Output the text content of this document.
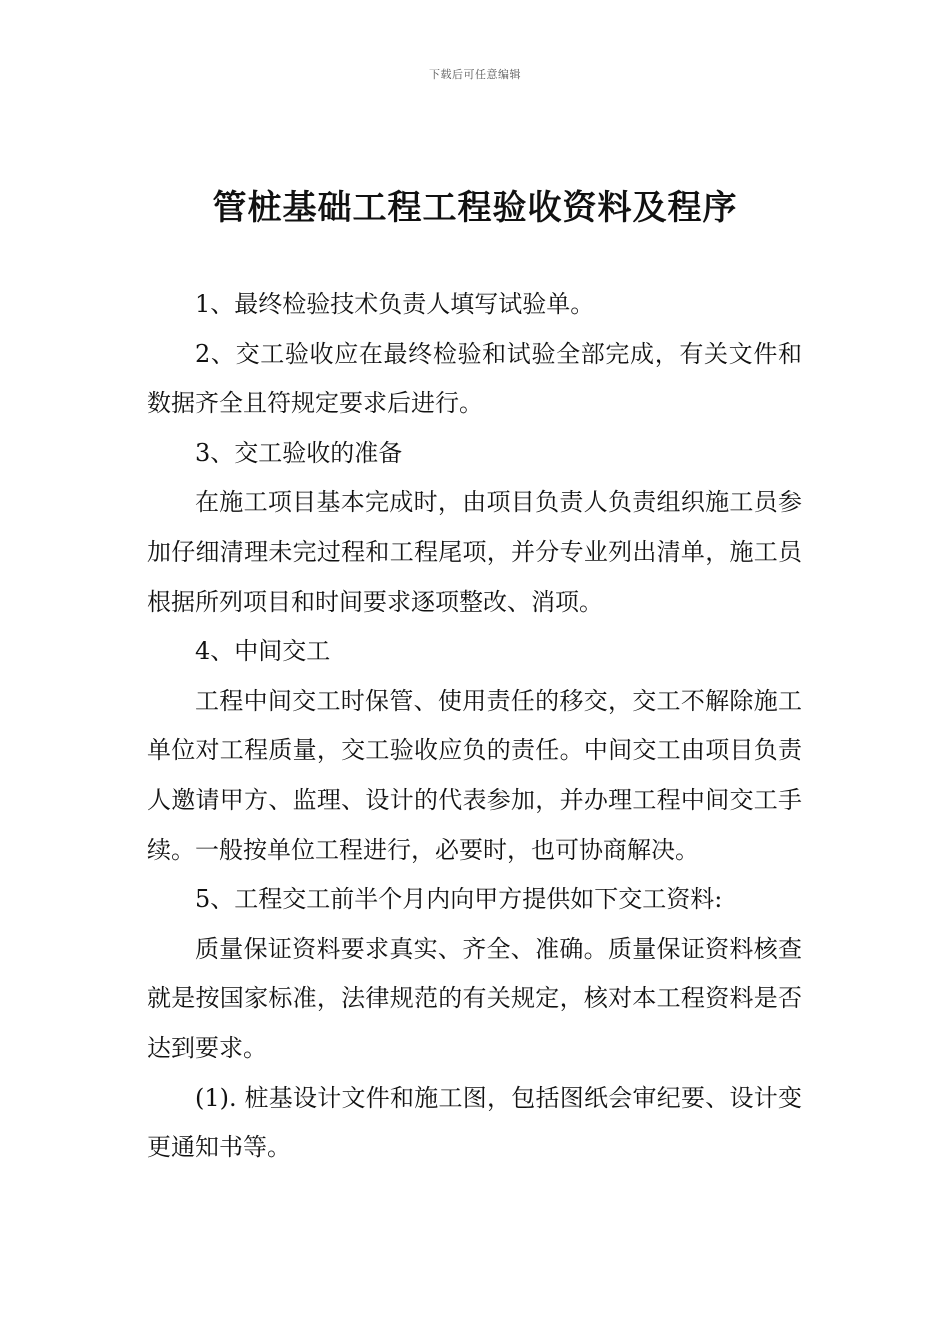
下载后可任意编辑
管桩基础工程工程验收资料及程序

1、最终检验技术负责人填写试验单。

2、交工验收应在最终检验和试验全部完成，有关文件和数据齐全且符规定要求后进行。

3、交工验收的准备

在施工项目基本完成时，由项目负责人负责组织施工员参加仔细清理未完过程和工程尾项，并分专业列出清单，施工员根据所列项目和时间要求逐项整改、消项。

4、中间交工

工程中间交工时保管、使用责任的移交，交工不解除施工单位对工程质量，交工验收应负的责任。中间交工由项目负责人邀请甲方、监理、设计的代表参加，并办理工程中间交工手续。一般按单位工程进行，必要时，也可协商解决。

5、工程交工前半个月内向甲方提供如下交工资料:

质量保证资料要求真实、齐全、准确。质量保证资料核查就是按国家标准，法律规范的有关规定，核对本工程资料是否达到要求。

(1). 桩基设计文件和施工图，包括图纸会审纪要、设计变更通知书等。
